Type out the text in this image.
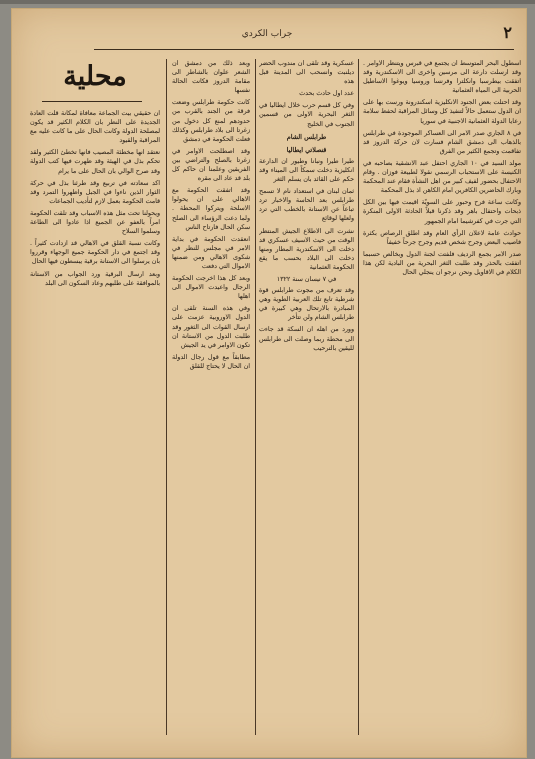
٢
جراب الكردي
محلية

ان حقيقي بيت الجماعة معافاة لمكانة قلت العادة الجديدة على النظر بان الكلام الكثير قد يكون لمصلحة الدولة وكانت الحال على ما كانت عليه مع المراقبة والقيود

نعتقد انها مخطئة المصيب فانها تخطئ الكثير ولقد تحكم بذل في الهيئة وقد ظهرت فيها كتب الدولة وقد صرح الوالي بان الحال على ما يرام

اكد سعادته في تربيع وقد طرئنا بذل في حركة الثوار الذين ناءوا في الجبل واظهروا التمرد وقد قامت الحكومة بعمل لازم لتأديب الجماعات

ويحولنا تحت مثل هذه الاسباب وقد تلقت الحكومة امراً بالعفو عن الجميع اذا عادوا الى الطاعة وسلموا السلاح

وكانت نسبة القلق في الاهالي قد ازدادت كثيراً . وقد اجتمع في دار الحكومة جميع الوجهاء وقرروا بان يرسلوا الى الاستانة برقية يبسطون فيها الحال

وبعد ارسال البرقية ورد الجواب من الاستانة بالموافقة على طلبهم وعاد السكون الى البلد

وبعد ذلك من دمشق ان الشعر علوان بالشاطر الى مقامة الدروز فكانت الحالة نفسها

كانت حكومة طرابلس وضعت فرقة من الجند بالقرب من حدودهم لمنع كل دخول من زغرتا الى بلاد طرابلس وكذلك فعلت الحكومة في دمشق

وقد اصطلحت الاوامر في زغرتا بالصلح والتراضي بين الفريقين وعلمنا ان حاكم كل بلد قد عاد الى مقره

وقد اتفقت الحكومة مع الاهالي على ان يحولوا الاسلحة ويتركوا المحطة . ولما دعت الرؤساء الى الصلح سكن الحال فارتاح الناس

انعقدت الحكومة في بداية الامر في مجلس للنظر في شكوى الاهالي ومن ضمنها الاموال التي دفعت

وبعد كل هذا اخرجت الحكومة الرجال واعيدت الاموال الى اهلها

وفي هذه السنة تلقى ان الدول الاوروبية عزمت على ارسال القوات الى الثغور وقد طلبت الدول من الاستانة ان تكون الاوامر في يد الجيش

مطابقاً مع قول رجال الدولة ان الحال لا يحتاج للقلق

عسكرية وقد تلقى ان مندوب الحضر ديلنبت وانسحب الى المدينة قبل هذه

عدد اول حادث بحدث

وفي كل قسم حرب خلال ايطاليا في الثغر البحرية الاولى من قسمين الجنوب في الخليج

طرابلس الشام
قنصلاتي ايطاليا

طيرا طيرا ونبانا وطيور ان الدارعة انكليزية دخلت سمكاً الى الميناء وقد حكم على القائد بان يسلم الثغر

ثمان لبنان في استعداد نام لا تسمح طرابلس بعد الحاسة والاخبار ترد تباعاً عن الاستانة بالخطب التي ترد ولعلها لوقائع

نشرت الى الاطلاع الجيش المنتظر الوقت من حيث الاسيف عسكري قد دخلت الى الاسكندرية المطار ومنها دخلت الى البلاد بحسب ما يقع الحكومة العثمانية

في ٧ نيسان سنة ١٣٢٢

وقد تعرف من مجوت طرابلس قوة شرطية تابع تلك العربية الطوية وهي المبادرة بالارتحال وهي كبيرة في طرابلس الشام ولن تتأخر

وورد من اهله ان السكة قد جاءت الى محطة ربما وصلت الى طرابلس لليقين بالترحيب

اسطول البحر المتوسط ان يجتمع في قبرس ويتنظر الاوامر . وقد ارسلت دارعة الى مرسين واخرى الى الاسكندرية وقد اتفقت بيطرسبا وانكلترا وفرنسا وروسيا ويوغوا الاساطيل الحربية الى المياه العثمانية

وقد احتلت بعض الجنود الانكليزية اسكندرونة ورست بها على ان الدول ستعمل حالاً لتنفيذ كل وسائل المراقبة لحفظ سلامة رعايا الدولة العثمانية الاجنبية في سوريا

في ٨ الجاري صدر الامر الى العساكر الموجودة في طرابلس بالذهاب الى دمشق الشام فسارت لان حركة الدروز قد تفاقمت وتجمع الكثير من الفرق

مولد السيد في ١٠ الجاري احتفل عبد الانشقية بصاحبه في الكنيسة على الاستحباب الرسمي نقولا لطبيعة فوزان . وقام الاحتفال بحضور لفيف كبير من اهل النشأة فقام عند المحكمة وبارك الحاضرين الكافرين امام الكاهن اذ بذل المحكمة

وكانت ساعة فرح وحبور على السويّة اقيمت فيها بين الكل ذبحات واحتفال باهر وقد ذكرنا قبلاً الحادثة الاولى المنكرة التي جرت في كفرشيما امام الجمهور

حوادث عامة لاعلان الرأي العام وقد اطلق الرصاص بكثرة فاصيب البعض وجرح شخص قديم وجرح جرحاً خفيفاً

صدر الامر بجمع الرديف فلفتت لجنة الدول وبخالص حسبما اتفقت بالحذر وقد طلبت الثغر البحرية من البادية لكن هذا الكلام في الاقاويل ونحن نرجو ان ينجلي الحال
